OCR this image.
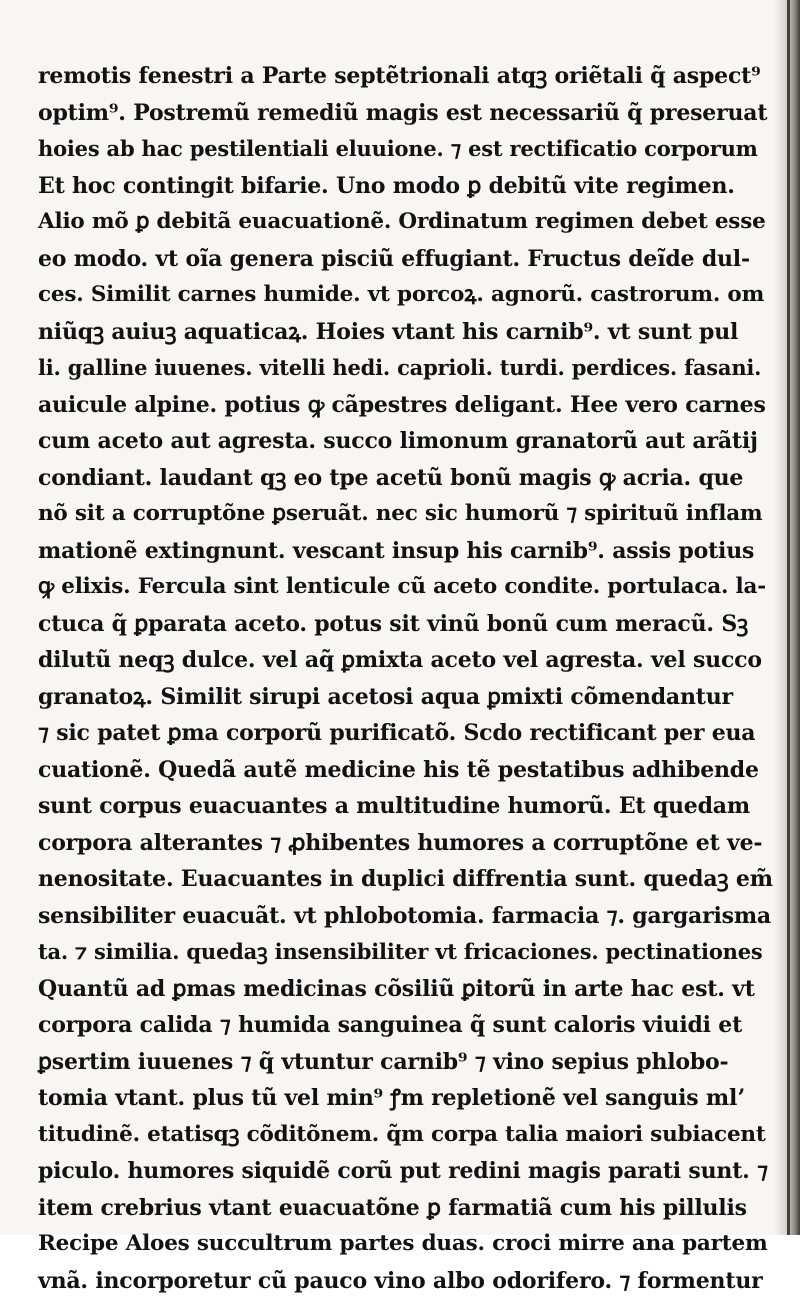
remotis fenestri a Parte septẽtrionali atqꝫ oriẽtali q̃ aspect⁹
optim⁹. Postremũ remediũ magis est necessariũ q̃ preseruat
hoies ab hac pestilentiali eluuione. ⁊ est rectificatio corporum
Et hoc contingit bifarie. Uno modo ꝑ debitũ vite regimen.
Alio mõ ꝑ debitã euacuationẽ. Ordinatum regimen debet esse
eo modo. vt oĩa genera pisciũ effugiant. Fructus deĩde dul-
ces. Similit carnes humide. vt porcoꝝ. agnorũ. castrorum. om
niũqꝫ auiuꝫ aquaticaꝝ. Hoies vtant his carnib⁹. vt sunt pul
li. galline iuuenes. vitelli hedi. caprioli. turdi. perdices. fasani.
auicule alpine. potius ꝙ cãpestres deligant. Hee vero carnes
cum aceto aut agresta. succo limonum granatorũ aut arãtij
condiant. laudant qꝫ eo tpe acetũ bonũ magis ꝙ acria. que
nõ sit a corruptõne ꝑseruãt. nec sic humorũ ⁊ spirituũ inflam
mationẽ extingnunt. vescant insup his carnib⁹. assis potius
ꝙ elixis. Fercula sint lenticule cũ aceto condite. portulaca. la-
ctuca q̃ ꝑparata aceto. potus sit vinũ bonũ cum meracũ. Sꝫ
dilutũ neqꝫ dulce. vel aq̃ ꝑmixta aceto vel agresta. vel succo
granatoꝝ. Similit sirupi acetosi aqua ꝑmixti cõmendantur
⁊ sic patet ꝑma corporũ purificatõ. Scdo rectificant per eua
cuationẽ. Quedã autẽ medicine his tẽ pestatibus adhibende
sunt corpus euacuantes a multitudine humorũ. Et quedam
corpora alterantes ⁊ ꝓhibentes humores a corruptõne et ve-
nenositate. Euacuantes in duplici diffrentia sunt. quedaꝫ em̃
sensibiliter euacuãt. vt phlobotomia. farmacia ⁊. gargarisma
ta. ⁊ similia. quedaꝫ insensibiliter vt fricaciones. pectinationes
Quantũ ad ꝑmas medicinas cõsiliũ ꝑitorũ in arte hac est. vt
corpora calida ⁊ humida sanguinea q̃ sunt caloris viuidi et
ꝑsertim iuuenes ⁊ q̃ vtuntur carnib⁹ ⁊ vino sepius phlobo-
tomia vtant. plus tũ vel min⁹ ꝭm repletionẽ vel sanguis mlʼ
titudinẽ. etatisqꝫ cõditõnem. q̃m corpa talia maiori subiacent
piculo. humores siquidẽ corũ put redini magis parati sunt. ⁊
item crebrius vtant euacuatõne ꝑ farmatiã cum his pillulis
Recipe Aloes succultrum partes duas. croci mirre ana partem
vnã. incorporetur cũ pauco vino albo odorifero. ⁊ formentur
